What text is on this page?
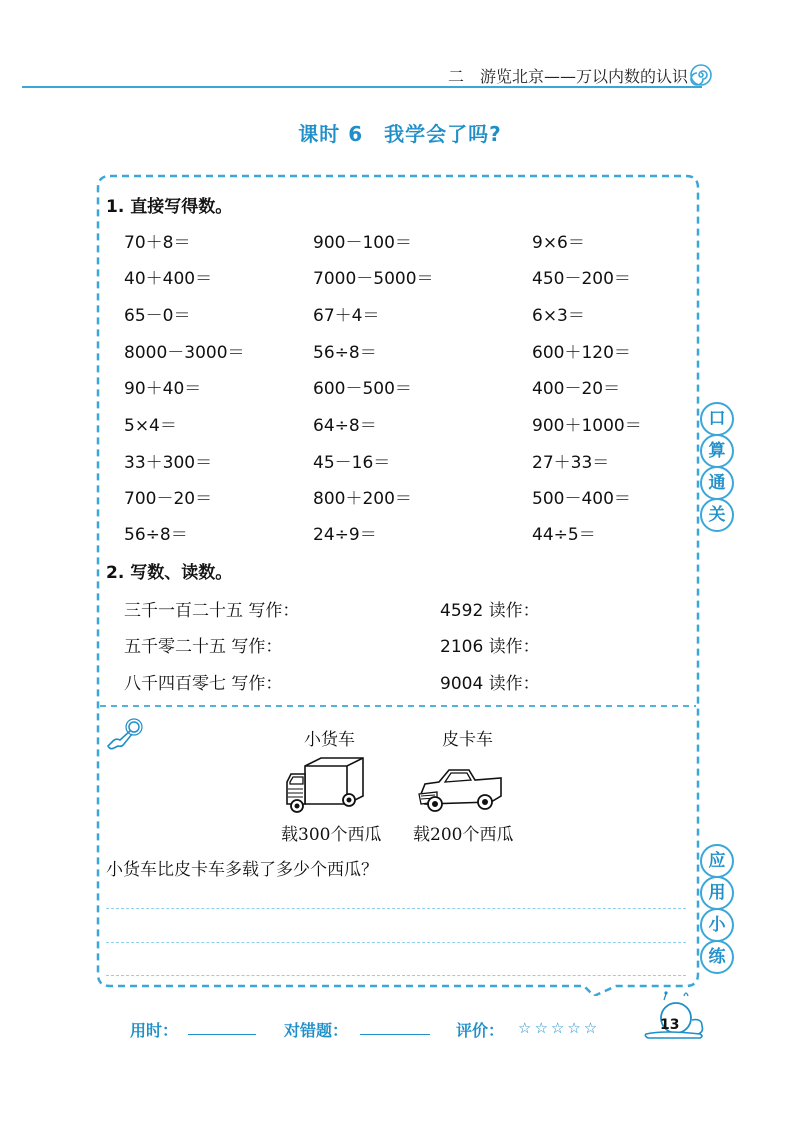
二　游览北京——万以内数的认识
课时 6　我学会了吗?
1. 直接写得数。
70＋8＝	900－100＝	9×6＝
40＋400＝	7000－5000＝	450－200＝
65－0＝	67＋4＝	6×3＝
8000－3000＝	56÷8＝	600＋120＝
90＋40＝	600－500＝	400－20＝
5×4＝	64÷8＝	900＋1000＝
33＋300＝	45－16＝	27＋33＝
700－20＝	800＋200＝	500－400＝
56÷8＝	24÷9＝	44÷5＝
2. 写数、读数。
三千一百二十五 写作：	4592 读作：
五千零二十五 写作：	2106 读作：
八千四百零七 写作：	9004 读作：
口
算
通
关
应
用
小
练
小货车	皮卡车
载300个西瓜 载200个西瓜
小货车比皮卡车多载了多少个西瓜？
用时：	对错题：	评价： ☆☆☆☆☆	13
